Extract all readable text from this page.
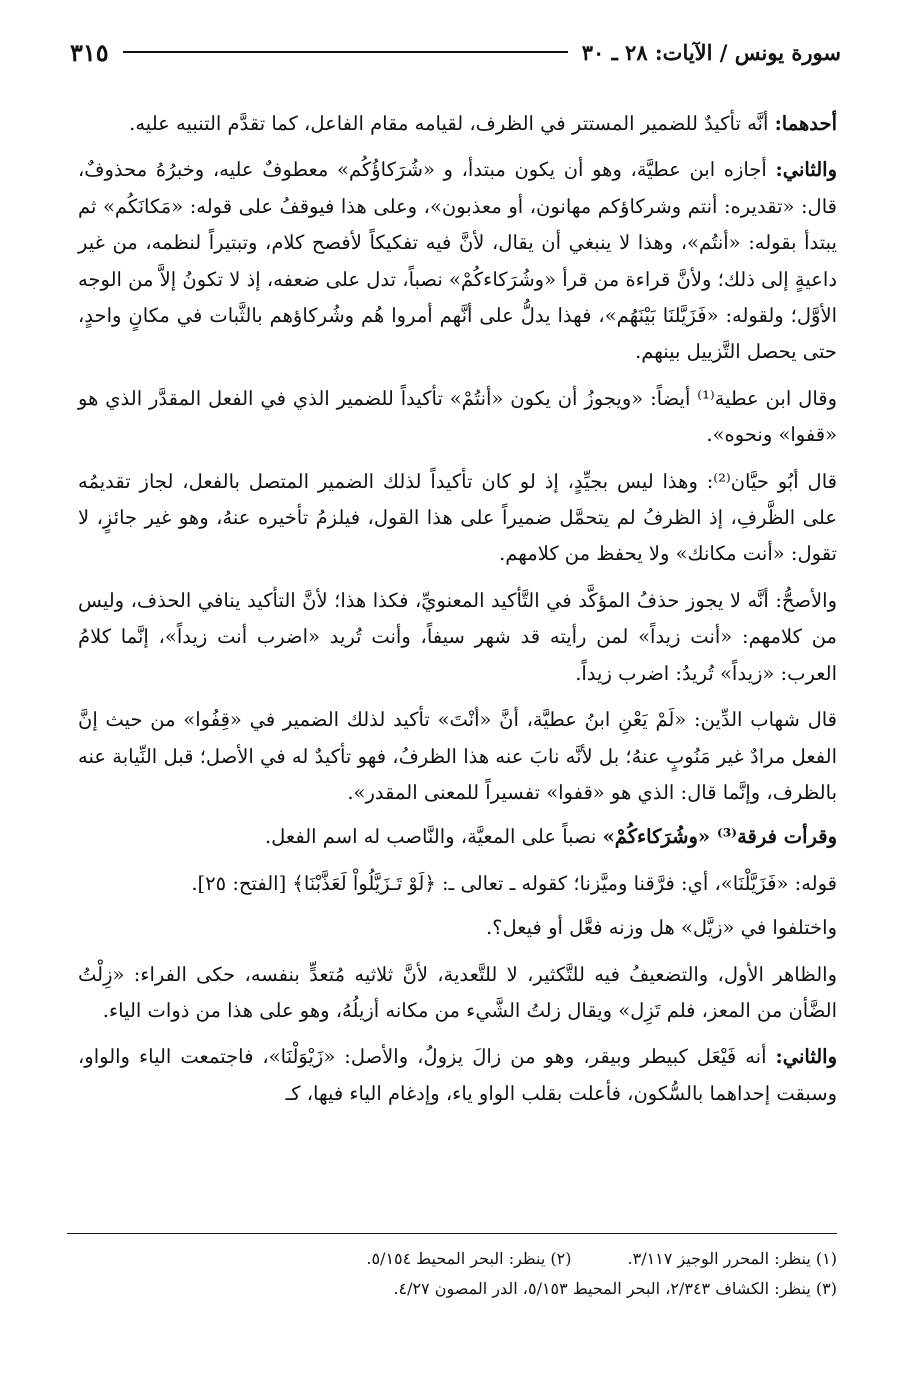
سورة يونس / الآيات: ٢٨ ـ ٣٠
٣١٥

أحدهما: أنَّه تأكيدٌ للضمير المستتر في الظرف، لقيامه مقام الفاعل، كما تقدَّم التنبيه عليه.

والثاني: أجازه ابن عطيَّة، وهو أن يكون مبتدأ، و «شُرَكاؤُكُم» معطوفٌ عليه، وخبرُهُ محذوفٌ، قال: «تقديره: أنتم وشركاؤكم مهانون، أو معذبون»، وعلى هذا فيوقفُ على قوله: «مَكانَكُم» ثم يبتدأ بقوله: «أنتُم»، وهذا لا ينبغي أن يقال، لأنَّ فيه تفكيكاً لأفصح كلام، وتبتيراً لنظمه، من غير داعيةٍ إلى ذلك؛ ولأنَّ قراءة من قرأ «وشُرَكاءكُمْ» نصباً، تدل على ضعفه، إذ لا تكونُ إلاَّ من الوجه الأوَّل؛ ولقوله: «فَزَيَّلنَا بَيْنَهُم»، فهذا يدلُّ على أنَّهم أمروا هُم وشُركاؤهم بالثَّبات في مكانٍ واحدٍ، حتى يحصل التَّزييل بينهم.

وقال ابن عطية⁽¹⁾ أيضاً: «ويجوزُ أن يكون «أنتُمْ» تأكيداً للضمير الذي في الفعل المقدَّر الذي هو «قفوا» ونحوه».

قال أبُو حيَّان⁽²⁾: وهذا ليس بجيِّدٍ، إذ لو كان تأكيداً لذلك الضمير المتصل بالفعل، لجاز تقديمُه على الظَّرفِ، إذ الظرفُ لم يتحمَّل ضميراً على هذا القول، فيلزمُ تأخيره عنهُ، وهو غير جائزٍ، لا تقول: «أنت مكانك» ولا يحفظ من كلامهم.

والأصحُّ: أنَّه لا يجوز حذفُ المؤكَّد في التَّأكيد المعنويِّ، فكذا هذا؛ لأنَّ التأكيد ينافي الحذف، وليس من كلامهم: «أنت زيداً» لمن رأيته قد شهر سيفاً، وأنت تُريد «اضرب أنت زيداً»، إنَّما كلامُ العرب: «زيداً» تُريدُ: اضرب زيداً.

قال شهاب الدِّين: «لَمْ يَعْنِ ابنُ عطيَّة، أنَّ «أنْتَ» تأكيد لذلك الضمير في «قِفُوا» من حيث إنَّ الفعل مرادٌ غير مَنُوبٍ عنهُ؛ بل لأنَّه نابَ عنه هذا الظرفُ، فهو تأكيدٌ له في الأصل؛ قبل النِّيابة عنه بالظرف، وإنَّما قال: الذي هو «قفوا» تفسيراً للمعنى المقدر».

وقرأت فرقة⁽³⁾ «وشُرَكاءكُمْ» نصباً على المعيَّة، والنَّاصب له اسم الفعل.

قوله: «فَزَيَّلْنَا»، أي: فرَّقنا وميَّزنا؛ كقوله ـ تعالى ـ: ﴿لَوْ تَـزَيَّلُواْ لَعَذَّبْنَا﴾ [الفتح: ٢٥].

واختلفوا في «زيَّل» هل وزنه فعَّل أو فيعل؟.

والظاهر الأول، والتضعيفُ فيه للتَّكثير، لا للتَّعدية، لأنَّ ثلاثيه مُتعدٍّ بنفسه، حكى الفراء: «زِلْتُ الضَّأن من المعز، فلم تَزِل» ويقال زلتُ الشَّيء من مكانه أزيلُهُ، وهو على هذا من ذوات الياء.

والثاني: أنه فَيْعَل كبيطر وبيقر، وهو من زالَ يزولُ، والأصل: «زَيْوَلْنَا»، فاجتمعت الياء والواو، وسبقت إحداهما بالسُّكون، فأعلت بقلب الواو ياء، وإدغام الياء فيها، كـ

(١) ينظر: المحرر الوجيز ٣/١١٧.
(٢) ينظر: البحر المحيط ٥/١٥٤.
(٣) ينظر: الكشاف ٢/٣٤٣، البحر المحيط ٥/١٥٣، الدر المصون ٤/٢٧.
